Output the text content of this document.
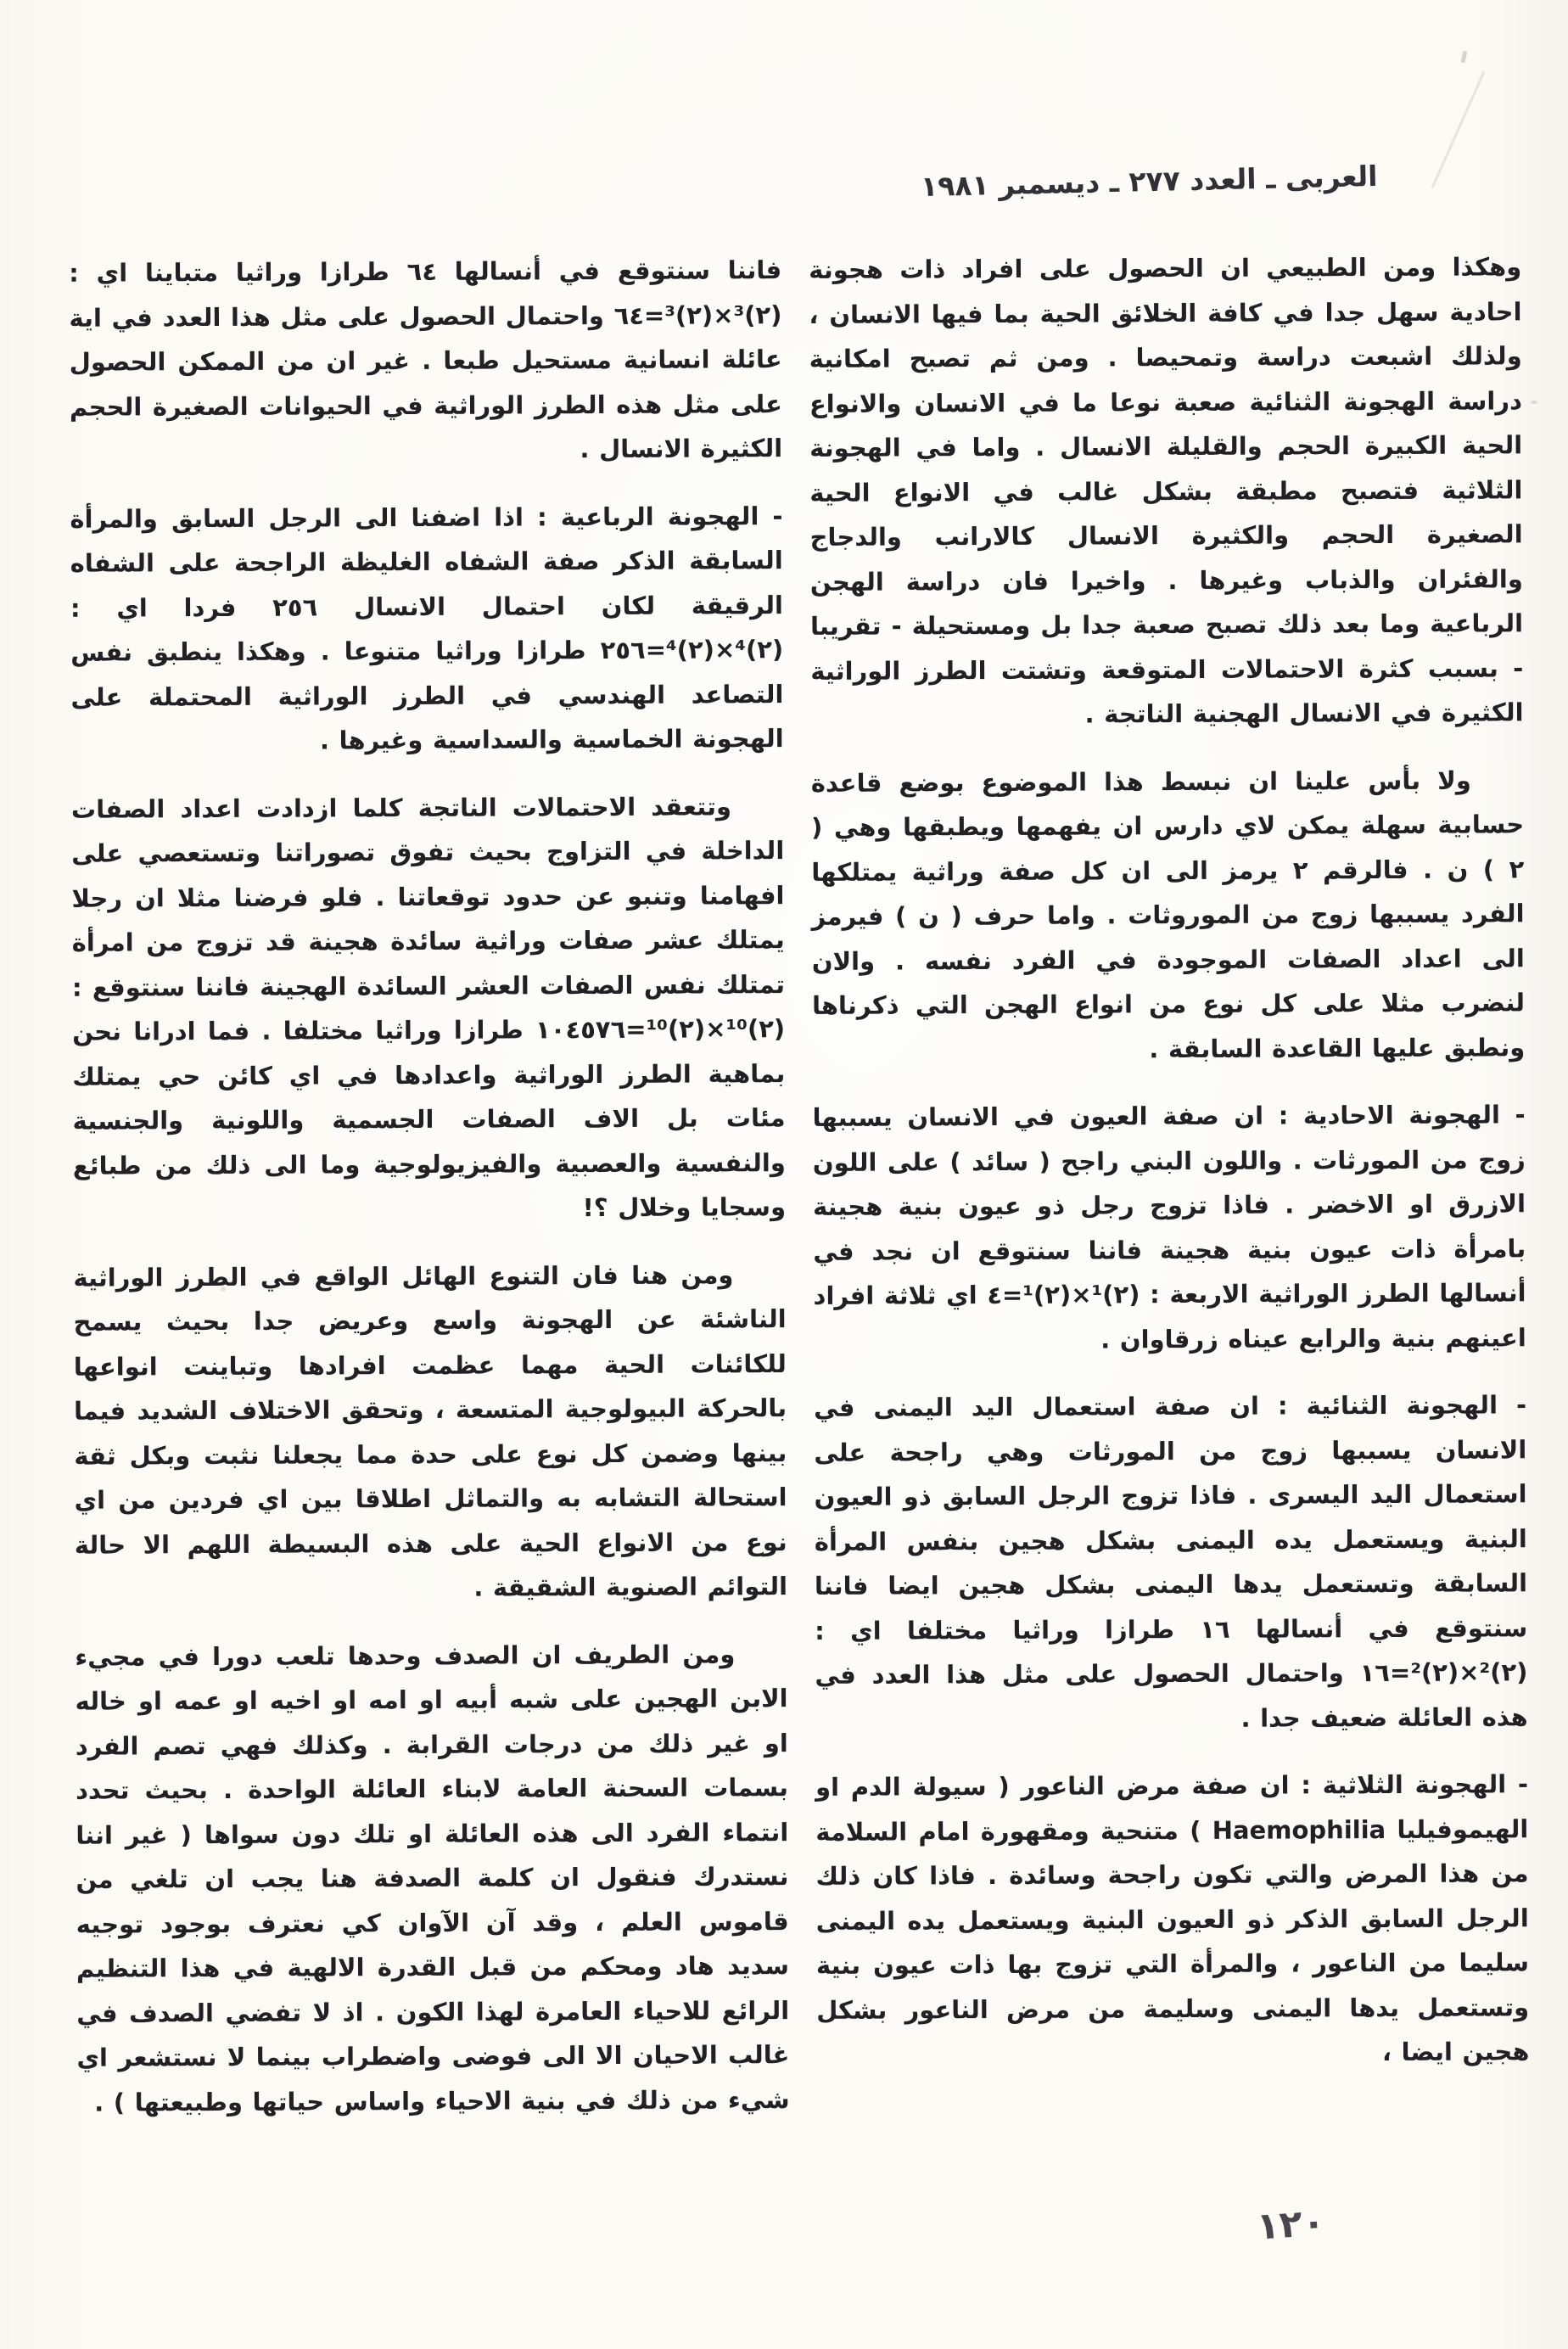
العربى ـ العدد ٢٧٧ ـ ديسمبر ١٩٨١

وهكذا ومن الطبيعي ان الحصول على افراد ذات هجونة احادية سهل جدا في كافة الخلائق الحية بما فيها الانسان ، ولذلك اشبعت دراسة وتمحيصا . ومن ثم تصبح امكانية دراسة الهجونة الثنائية صعبة نوعا ما في الانسان والانواع الحية الكبيرة الحجم والقليلة الانسال . واما في الهجونة الثلاثية فتصبح مطبقة بشكل غالب في الانواع الحية الصغيرة الحجم والكثيرة الانسال كالارانب والدجاج والفئران والذباب وغيرها . واخيرا فان دراسة الهجن الرباعية وما بعد ذلك تصبح صعبة جدا بل ومستحيلة - تقريبا - بسبب كثرة الاحتمالات المتوقعة وتشتت الطرز الوراثية الكثيرة في الانسال الهجنية الناتجة .

ولا بأس علينا ان نبسط هذا الموضوع بوضع قاعدة حسابية سهلة يمكن لاي دارس ان يفهمها ويطبقها وهي ( ٢ ) ن . فالرقم ٢ يرمز الى ان كل صفة وراثية يمتلكها الفرد يسببها زوج من الموروثات . واما حرف ( ن ) فيرمز الى اعداد الصفات الموجودة في الفرد نفسه . والان لنضرب مثلا على كل نوع من انواع الهجن التي ذكرناها ونطبق عليها القاعدة السابقة .

- الهجونة الاحادية : ان صفة العيون في الانسان يسببها زوج من المورثات . واللون البني راجح ( سائد ) على اللون الازرق او الاخضر . فاذا تزوج رجل ذو عيون بنية هجينة بامرأة ذات عيون بنية هجينة فاننا سنتوقع ان نجد في أنسالها الطرز الوراثية الاربعة : (٢)¹×(٢)¹=٤ اي ثلاثة افراد اعينهم بنية والرابع عيناه زرقاوان .

- الهجونة الثنائية : ان صفة استعمال اليد اليمنى في الانسان يسببها زوج من المورثات وهي راجحة على استعمال اليد اليسرى . فاذا تزوج الرجل السابق ذو العيون البنية ويستعمل يده اليمنى بشكل هجين بنفس المرأة السابقة وتستعمل يدها اليمنى بشكل هجين ايضا فاننا سنتوقع في أنسالها ١٦ طرازا وراثيا مختلفا اي : (٢)²×(٢)²=١٦ واحتمال الحصول على مثل هذا العدد في هذه العائلة ضعيف جدا .

- الهجونة الثلاثية : ان صفة مرض الناعور ( سيولة الدم او الهيموفيليا Haemophilia ) متنحية ومقهورة امام السلامة من هذا المرض والتي تكون راجحة وسائدة . فاذا كان ذلك الرجل السابق الذكر ذو العيون البنية ويستعمل يده اليمنى سليما من الناعور ، والمرأة التي تزوج بها ذات عيون بنية وتستعمل يدها اليمنى وسليمة من مرض الناعور بشكل هجين ايضا ،

فاننا سنتوقع في أنسالها ٦٤ طرازا وراثيا متباينا اي : (٢)³×(٢)³=٦٤ واحتمال الحصول على مثل هذا العدد في اية عائلة انسانية مستحيل طبعا . غير ان من الممكن الحصول على مثل هذه الطرز الوراثية في الحيوانات الصغيرة الحجم الكثيرة الانسال .

- الهجونة الرباعية : اذا اضفنا الى الرجل السابق والمرأة السابقة الذكر صفة الشفاه الغليظة الراجحة على الشفاه الرقيقة لكان احتمال الانسال ٢٥٦ فردا اي : (٢)⁴×(٢)⁴=٢٥٦ طرازا وراثيا متنوعا . وهكذا ينطبق نفس التصاعد الهندسي في الطرز الوراثية المحتملة على الهجونة الخماسية والسداسية وغيرها .

وتتعقد الاحتمالات الناتجة كلما ازدادت اعداد الصفات الداخلة في التزاوج بحيث تفوق تصوراتنا وتستعصي على افهامنا وتنبو عن حدود توقعاتنا . فلو فرضنا مثلا ان رجلا يمتلك عشر صفات وراثية سائدة هجينة قد تزوج من امرأة تمتلك نفس الصفات العشر السائدة الهجينة فاننا سنتوقع : (٢)¹⁰×(٢)¹⁰=١٠٤٥٧٦ طرازا وراثيا مختلفا . فما ادرانا نحن بماهية الطرز الوراثية واعدادها في اي كائن حي يمتلك مئات بل الاف الصفات الجسمية واللونية والجنسية والنفسية والعصبية والفيزيولوجية وما الى ذلك من طبائع وسجايا وخلال ؟!

ومن هنا فان التنوع الهائل الواقع في الطرز الوراثية الناشئة عن الهجونة واسع وعريض جدا بحيث يسمح للكائنات الحية مهما عظمت افرادها وتباينت انواعها بالحركة البيولوجية المتسعة ، وتحقق الاختلاف الشديد فيما بينها وضمن كل نوع على حدة مما يجعلنا نثبت وبكل ثقة استحالة التشابه به والتماثل اطلاقا بين اي فردين من اي نوع من الانواع الحية على هذه البسيطة اللهم الا حالة التوائم الصنوية الشقيقة .

ومن الطريف ان الصدف وحدها تلعب دورا في مجيء الابن الهجين على شبه أبيه او امه او اخيه او عمه او خاله او غير ذلك من درجات القرابة . وكذلك فهي تصم الفرد بسمات السحنة العامة لابناء العائلة الواحدة . بحيث تحدد انتماء الفرد الى هذه العائلة او تلك دون سواها ( غير اننا نستدرك فنقول ان كلمة الصدفة هنا يجب ان تلغي من قاموس العلم ، وقد آن الآوان كي نعترف بوجود توجيه سديد هاد ومحكم من قبل القدرة الالهية في هذا التنظيم الرائع للاحياء العامرة لهذا الكون . اذ لا تفضي الصدف في غالب الاحيان الا الى فوضى واضطراب بينما لا نستشعر اي شيء من ذلك في بنية الاحياء واساس حياتها وطبيعتها ) .

١٢٠
